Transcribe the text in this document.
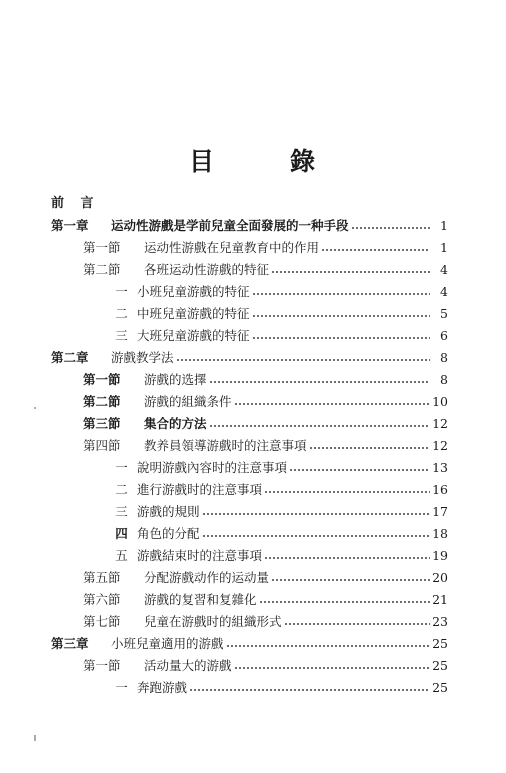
目	錄
前 言
第一章	运动性游戲是学前兒童全面發展的一种手段	1
第一節	运动性游戲在兒童教育中的作用	1
第二節	各班运动性游戲的特征	4
一 小班兒童游戲的特征	4
二 中班兒童游戲的特征	5
三 大班兒童游戲的特征	6
第二章	游戲教学法	8
第一節	游戲的选擇	8
第二節	游戲的組織条件	10
第三節	集合的方法	12
第四節	教养員領導游戲时的注意事項	12
一 說明游戲內容时的注意事項	13
二 進行游戲时的注意事項	16
三 游戲的規則	17
四 角色的分配	18
五 游戲結束时的注意事項	19
第五節	分配游戲动作的运动量	20
第六節	游戲的复習和复雜化	21
第七節	兒童在游戲时的組織形式	23
第三章	小班兒童適用的游戲	25
第一節	活动量大的游戲	25
一 奔跑游戲	25
